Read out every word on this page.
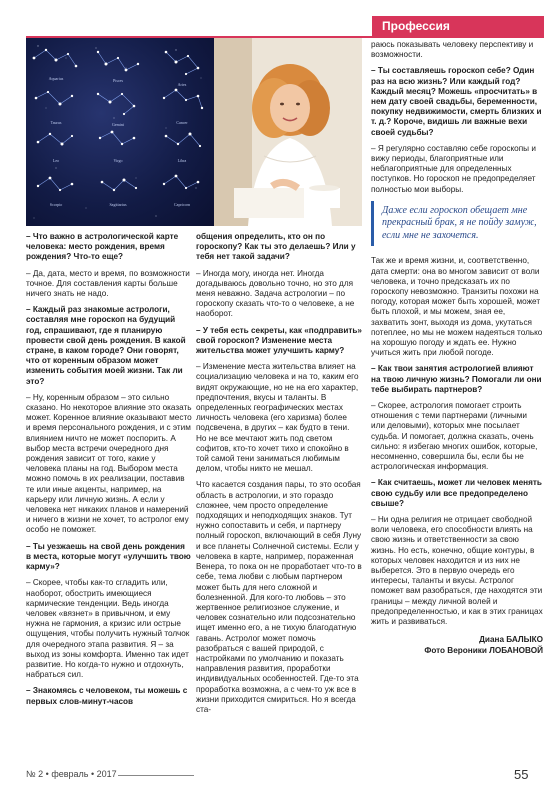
Профессия
Aquarius	Pisces
Aries
Taurus	Gemini	Cancer
Leo	Virgo	Libra
Scorpio	Sagittarius	Capricorn

– Что важно в астрологической карте человека: место рождения, время рождения? Что-то еще?

– Да, дата, место и время, по возможности точное. Для составления карты больше ничего знать не надо.

– Каждый раз знакомые астрологи, составляя мне гороскоп на будущий год, спрашивают, где я планирую провести свой день рождения. В какой стране, в каком городе? Они говорят, что от коренным образом может изменить события моей жизни. Так ли это?

– Ну, коренным образом – это сильно сказано. Но некоторое влияние это оказать может. Коренное влияние оказывают место и время персонального рождения, и с этим влиянием ничто не может поспорить. А выбор места встречи очередного дня рождения зависит от того, какие у человека планы на год. Выбором места можно помочь в их реализации, поставив те или иные акценты, например, на карьеру или личную жизнь. А если у человека нет никаких планов и намерений и ничего в жизни не хочет, то астролог ему особо не поможет.

– Ты уезжаешь на свой день рождения в места, которые могут «улучшить твою карму»?

– Скорее, чтобы как-то сгладить или, наоборот, обострить имеющиеся кармические тенденции. Ведь иногда человек «вязнет» в привычном, и ему нужна не гармония, а кризис или острые ощущения, чтобы получить нужный толчок для очередного этапа развития. Я – за выход из зоны комфорта. Именно так идет развитие. Но когда-то нужно и отдохнуть, набраться сил.

– Знакомясь с человеком, ты можешь с первых слов-минут-часов

общения определить, кто он по гороскопу? Как ты это делаешь? Или у тебя нет такой задачи?

– Иногда могу, иногда нет. Иногда догадываюсь довольно точно, но это для меня неважно. Задача астрологии – по гороскопу сказать что-то о человеке, а не наоборот.

– У тебя есть секреты, как «подправить» свой гороскоп? Изменение места жительства может улучшить карму?

– Изменение места жительства влияет на социализацию человека и на то, каким его видят окружающие, но не на его характер, предпочтения, вкусы и таланты. В определенных географических местах личность человека (его харизма) более подсвечена, в других – как будто в тени. Но не все мечтают жить под светом софитов, кто-то хочет тихо и спокойно в той самой тени заниматься любимым делом, чтобы никто не мешал.

Что касается создания пары, то это особая область в астрологии, и это гораздо сложнее, чем просто определение подходящих и неподходящих знаков. Тут нужно сопоставить и себя, и партнеру полный гороскоп, включающий в себя Луну и все планеты Солнечной системы. Если у человека в карте, например, пораженная Венера, то пока он не проработает что-то в себе, тема любви с любым партнером может быть для него сложной и болезненной. Для кого-то любовь – это жертвенное религиозное служение, и человек сознательно или подсознательно ищет именно его, а не тихую благодатную гавань. Астролог может помочь разобраться с вашей природой, с настройками по умолчанию и показать направления развития, проработки индивидуальных особенностей. Где-то эта проработка возможна, а с чем-то уж все в жизни приходится смириться. Но я всегда ста-

раюсь показывать человеку перспективу и возможности.

– Ты составляешь гороскоп себе? Один раз на всю жизнь? Или каждый год? Каждый месяц? Можешь «просчитать» в нем дату своей свадьбы, беременности, покупку недвижимости, смерть близких и т. д.? Короче, видишь ли важные вехи своей судьбы?

– Я регулярно составляю себе гороскопы и вижу периоды, благоприятные или неблагоприятные для определенных поступков. Но гороскоп не предопределяет полностью мои выборы.

Даже если гороскоп обещает мне прекрасный брак, я не пойду замуж, если мне не захочется.

Так же и время жизни, и, соответственно, дата смерти: она во многом зависит от воли человека, и точно предсказать их по гороскопу невозможно. Транзиты похожи на погоду, которая может быть хорошей, может быть плохой, и мы можем, зная ее, захватить зонт, выходя из дома, укутаться потеплее, но мы не можем надеяться только на хорошую погоду и ждать ее. Нужно учиться жить при любой погоде.

– Как твои занятия астрологией влияют на твою личную жизнь? Помогали ли они тебе выбирать партнеров?

– Скорее, астрология помогает строить отношения с теми партнерами (личными или деловыми), которых мне посылает судьба. И помогает, должна сказать, очень сильно: я избегаю многих ошибок, которые, несомненно, совершила бы, если бы не астрологическая информация.

– Как считаешь, может ли человек менять свою судьбу или все предопределено свыше?

– Ни одна религия не отрицает свободной воли человека, его способности влиять на свою жизнь и ответственности за свою жизнь. Но есть, конечно, общие контуры, в которых человек находится и из них не выберется. Это в первую очередь его интересы, таланты и вкусы. Астролог поможет вам разобраться, где находятся эти границы – между личной волей и предопределенностью, и как в этих границах жить и развиваться.

Диана БАЛЫКО
Фото Вероники ЛОБАНОВОЙ
№ 2 • февраль • 2017	55
